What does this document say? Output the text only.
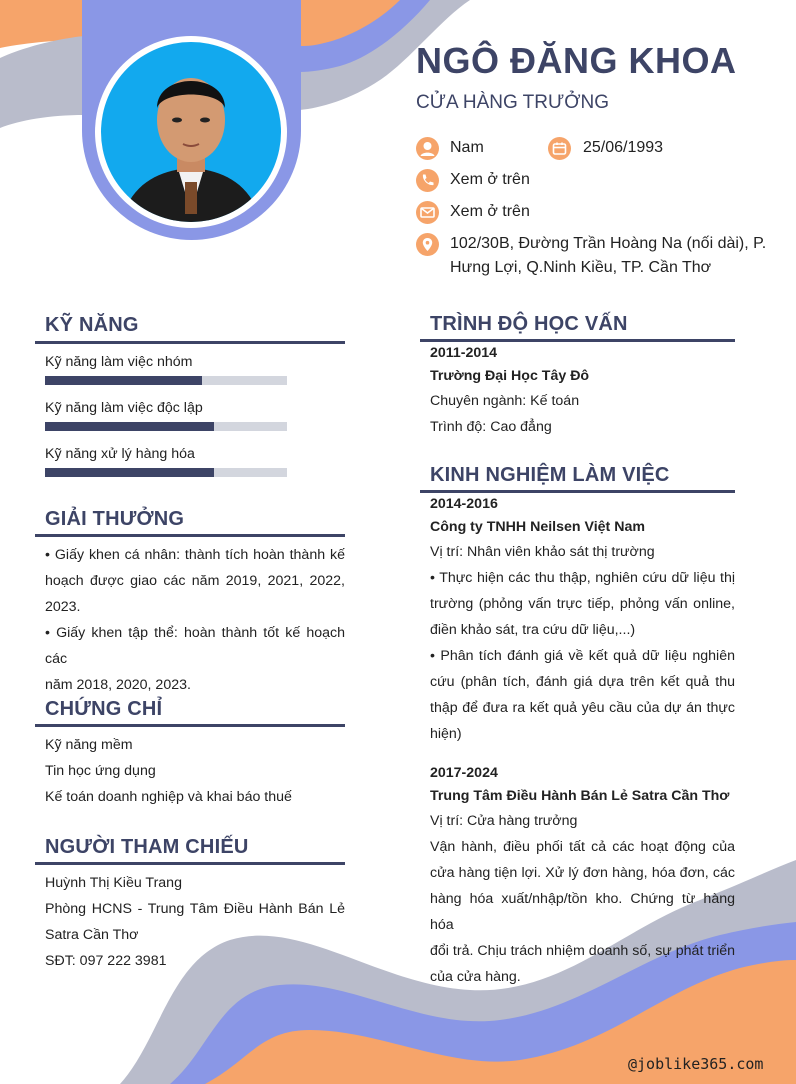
NGÔ ĐĂNG KHOA
CỬA HÀNG TRƯỞNG
Nam	25/06/1993
Xem ở trên
Xem ở trên
102/30B, Đường Trần Hoàng Na (nối dài), P.
Hưng Lợi, Q.Ninh Kiều, TP. Cần Thơ
KỸ NĂNG
Kỹ năng làm việc nhóm
Kỹ năng làm việc độc lập
Kỹ năng xử lý hàng hóa
GIẢI THƯỞNG
• Giấy khen cá nhân: thành tích hoàn thành kế
hoạch được giao các năm 2019, 2021, 2022,
2023.
• Giấy khen tập thể: hoàn thành tốt kế hoạch các
năm 2018, 2020, 2023.
CHỨNG CHỈ
Kỹ năng mềm
Tin học ứng dụng
Kế toán doanh nghiệp và khai báo thuế
NGƯỜI THAM CHIẾU
Huỳnh Thị Kiều Trang
Phòng HCNS - Trung Tâm Điều Hành Bán Lẻ
Satra Cần Thơ
SĐT: 097 222 3981
TRÌNH ĐỘ HỌC VẤN
2011-2014
Trường Đại Học Tây Đô
Chuyên ngành: Kế toán
Trình độ: Cao đẳng
KINH NGHIỆM LÀM VIỆC
2014-2016
Công ty TNHH Neilsen Việt Nam
Vị trí: Nhân viên khảo sát thị trường
• Thực hiện các thu thập, nghiên cứu dữ liệu thị
trường (phỏng vấn trực tiếp, phỏng vấn online,
điền khảo sát, tra cứu dữ liệu,...)
• Phân tích đánh giá về kết quả dữ liệu nghiên
cứu (phân tích, đánh giá dựa trên kết quả thu
thập để đưa ra kết quả yêu cầu của dự án thực
hiện)
2017-2024
Trung Tâm Điều Hành Bán Lẻ Satra Cần Thơ
Vị trí: Cửa hàng trưởng
Vận hành, điều phối tất cả các hoạt động của
cửa hàng tiện lợi. Xử lý đơn hàng, hóa đơn, các
hàng hóa xuất/nhập/tồn kho. Chứng từ hàng hóa
đổi trả. Chịu trách nhiệm doanh số, sự phát triển
của cửa hàng.
@joblike365.com
